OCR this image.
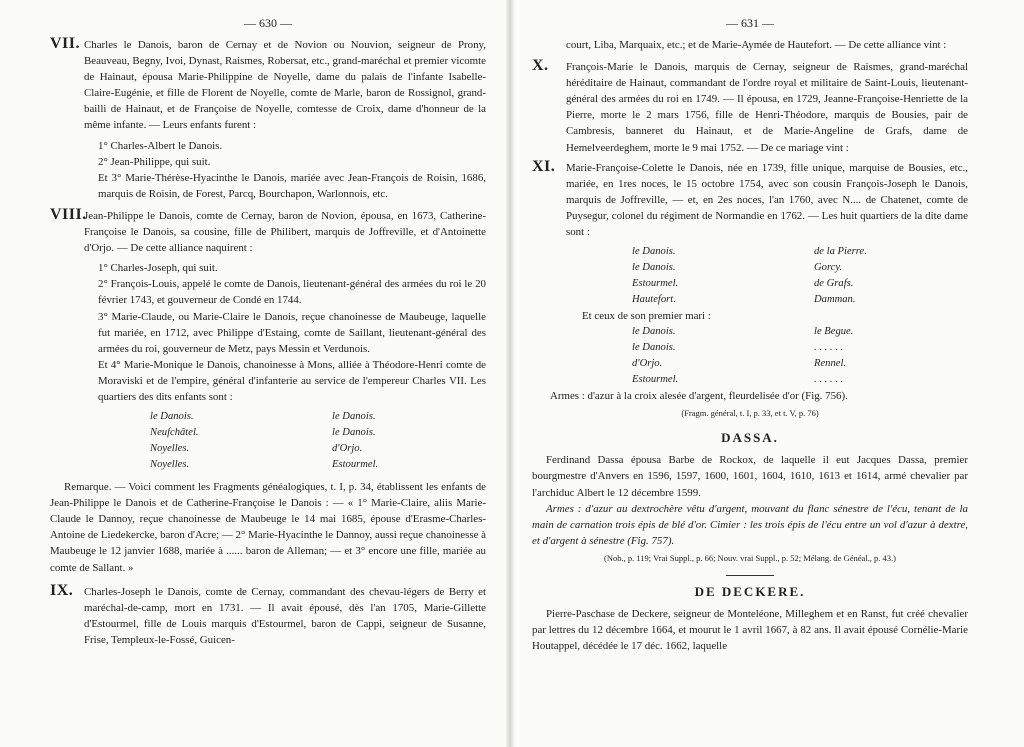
— 630 —
VII. Charles le Danois, baron de Cernay et de Novion ou Nouvion, seigneur de Prony, Beauveau, Begny, Ivoi, Dynast, Raismes, Robersat, etc., grand-maréchal et premier vicomte de Hainaut, épousa Marie-Philippine de Noyelle, dame du palais de l'infante Isabelle-Claire-Eugénie, et fille de Florent de Noyelle, comte de Marle, baron de Rossignol, grand-bailli de Hainaut, et de Françoise de Noyelle, comtesse de Croix, dame d'honneur de la même infante. — Leurs enfants furent :
1° Charles-Albert le Danois.
2° Jean-Philippe, qui suit.
Et 3° Marie-Thérèse-Hyacinthe le Danois, mariée avec Jean-François de Roisin, 1686, marquis de Roisin, de Forest, Parcq, Bourchapon, Warlonnois, etc.
VIII.
Jean-Philippe le Danois, comte de Cernay, baron de Novion, épousa, en 1673, Catherine-Françoise le Danois, sa cousine, fille de Philibert, marquis de Joffreville, et d'Antoinette d'Orjo. — De cette alliance naquirent :
1° Charles-Joseph, qui suit.
2° François-Louis, appelé le comte de Danois, lieutenant-général des armées du roi le 20 février 1743, et gouverneur de Condé en 1744.
3° Marie-Claude, ou Marie-Claire le Danois, reçue chanoinesse de Maubeuge, laquelle fut mariée, en 1712, avec Philippe d'Estaing, comte de Saillant, lieutenant-général des armées du roi, gouverneur de Metz, pays Messin et Verdunois.
Et 4° Marie-Monique le Danois, chanoinesse à Mons, alliée à Théodore-Henri comte de Moraviski et de l'empire, général d'infanterie au service de l'empereur Charles VII. Les quartiers des dits enfants sont :
le Danois.
Neufchâtel.
Noyelles.
Noyelles.
le Danois.
le Danois.
d'Orjo.
Estourmel.
Remarque. — Voici comment les Fragments généalogiques, t. I, p. 34, établissent les enfants de Jean-Philippe le Danois et de Catherine-Françoise le Danois : — « 1° Marie-Claire, aliis Marie-Claude le Dannoy, reçue chanoinesse de Maubeuge le 14 mai 1685, épouse d'Erasme-Charles-Antoine de Liedekercke, baron d'Acre; — 2° Marie-Hyacinthe le Dannoy, aussi reçue chanoinesse à Maubeuge le 12 janvier 1688, mariée à ...... baron de Alleman; — et 3° encore une fille, mariée au comte de Sallant. »
IX. Charles-Joseph le Danois, comte de Cernay, commandant des chevau-légers de Berry et maréchal-de-camp, mort en 1731. — Il avait épousé, dès l'an 1705, Marie-Gillette d'Estourmel, fille de Louis marquis d'Estourmel, baron de Cappi, seigneur de Susanne, Frise, Templeux-le-Fossé, Guicen-
— 631 —
court, Liba, Marquaix, etc.; et de Marie-Aymée de Hautefort. — De cette alliance vint :
X. François-Marie le Danois, marquis de Cernay, seigneur de Raismes, grand-maréchal héréditaire de Hainaut, commandant de l'ordre royal et militaire de Saint-Louis, lieutenant-général des armées du roi en 1749. — Il épousa, en 1729, Jeanne-Françoise-Henriette de la Pierre, morte le 2 mars 1756, fille de Henri-Théodore, marquis de Bousies, pair de Cambresis, banneret du Hainaut, et de Marie-Angeline de Grafs, dame de Hemelveerdeghem, morte le 9 mai 1752. — De ce mariage vint :
XI. Marie-Françoise-Colette le Danois, née en 1739, fille unique, marquise de Bousies, etc., mariée, en 1res noces, le 15 octobre 1754, avec son cousin François-Joseph le Danois, marquis de Joffreville, — et, en 2es noces, l'an 1760, avec N.... de Chatenet, comte de Puysegur, colonel du régiment de Normandie en 1762. — Les huit quartiers de la dite dame sont :
le Danois.
le Danois.
Estourmel.
Hautefort.
de la Pierre.
Gorcy.
de Grafs.
Damman.
Et ceux de son premier mari :
le Danois.
le Danois.
d'Orjo.
Estourmel.
le Begue.
. . . . . .
Rennel.
. . . . . .
Armes : d'azur à la croix alesée d'argent, fleurdelisée d'or (Fig. 756).
(Fragm. général, t. I, p. 33, et t. V, p. 76)
DASSA.
Ferdinand Dassa épousa Barbe de Rockox, de laquelle il eut Jacques Dassa, premier bourgmestre d'Anvers en 1596, 1597, 1600, 1601, 1604, 1610, 1613 et 1614, armé chevalier par l'archiduc Albert le 12 décembre 1599.
Armes : d'azur au dextrochère vêtu d'argent, mouvant du flanc sénestre de l'écu, tenant de la main de carnation trois épis de blé d'or. Cimier : les trois épis de l'écu entre un vol d'azur à dextre, et d'argent à sénestre (Fig. 757).
(Nob., p. 119; Vrai Suppl., p. 66; Nouv. vrai Suppl., p. 52; Mélang. de Généal., p. 43.)
DE DECKERE.
Pierre-Paschase de Deckere, seigneur de Monteléone, Milleghem et en Ranst, fut créé chevalier par lettres du 12 décembre 1664, et mourut le 1 avril 1667, à 82 ans. Il avait épousé Cornélie-Marie Houtappel, décédée le 17 déc. 1662, laquelle
